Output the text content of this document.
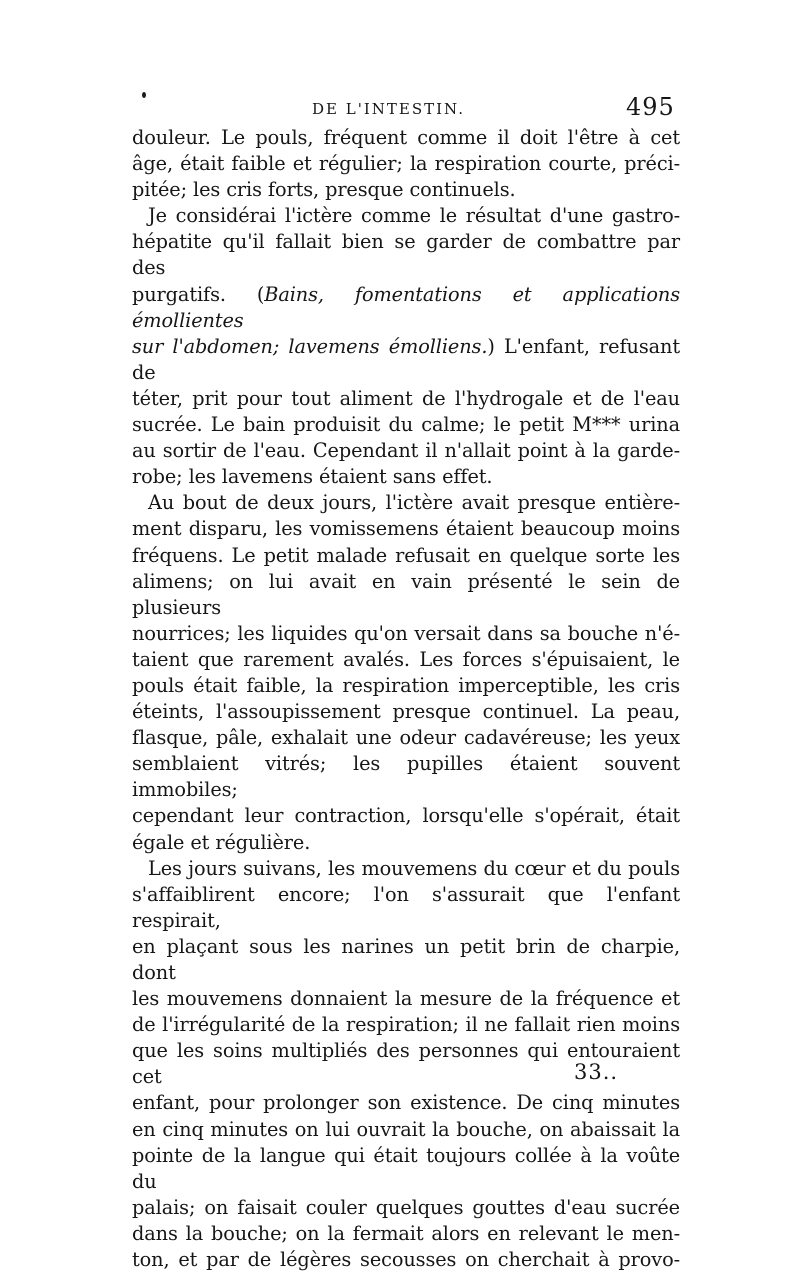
DE L'INTESTIN.	495

douleur. Le pouls, fréquent comme il doit l'être à cet

âge, était faible et régulier; la respiration courte, préci-

pitée; les cris forts, presque continuels.

Je considérai l'ictère comme le résultat d'une gastro-

hépatite qu'il fallait bien se garder de combattre par des

purgatifs. (Bains, fomentations et applications émollientes

sur l'abdomen; lavemens émolliens.) L'enfant, refusant de

téter, prit pour tout aliment de l'hydrogale et de l'eau

sucrée. Le bain produisit du calme; le petit M*** urina

au sortir de l'eau. Cependant il n'allait point à la garde-

robe; les lavemens étaient sans effet.

Au bout de deux jours, l'ictère avait presque entière-

ment disparu, les vomissemens étaient beaucoup moins

fréquens. Le petit malade refusait en quelque sorte les

alimens; on lui avait en vain présenté le sein de plusieurs

nourrices; les liquides qu'on versait dans sa bouche n'é-

taient que rarement avalés. Les forces s'épuisaient, le

pouls était faible, la respiration imperceptible, les cris

éteints, l'assoupissement presque continuel. La peau,

flasque, pâle, exhalait une odeur cadavéreuse; les yeux

semblaient vitrés; les pupilles étaient souvent immobiles;

cependant leur contraction, lorsqu'elle s'opérait, était

égale et régulière.

Les jours suivans, les mouvemens du cœur et du pouls

s'affaiblirent encore; l'on s'assurait que l'enfant respirait,

en plaçant sous les narines un petit brin de charpie, dont

les mouvemens donnaient la mesure de la fréquence et

de l'irrégularité de la respiration; il ne fallait rien moins

que les soins multipliés des personnes qui entouraient cet

enfant, pour prolonger son existence. De cinq minutes

en cinq minutes on lui ouvrait la bouche, on abaissait la

pointe de la langue qui était toujours collée à la voûte du

palais; on faisait couler quelques gouttes d'eau sucrée

dans la bouche; on la fermait alors en relevant le men-

ton, et par de légères secousses on cherchait à provo-

33..
